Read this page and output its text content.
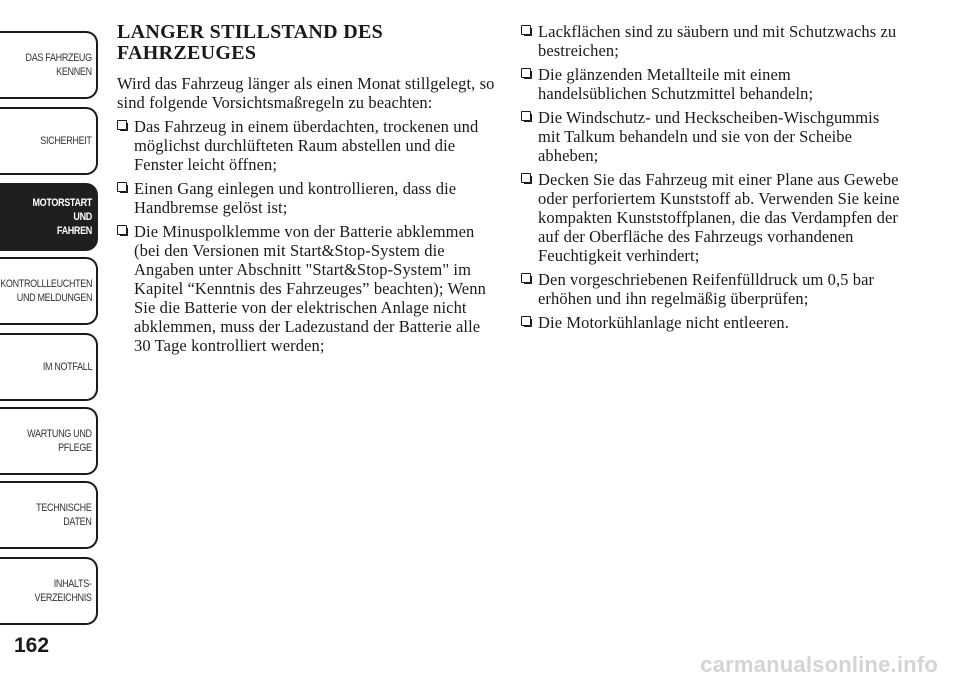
DAS FAHRZEUG
KENNEN
SICHERHEIT
MOTORSTART UND
FAHREN
KONTROLLLEUCHTEN
UND MELDUNGEN
IM NOTFALL
WARTUNG UND
PFLEGE
TECHNISCHE
DATEN
INHALTS-
VERZEICHNIS
162
LANGER STILLSTAND DES
FAHRZEUGES

Wird das Fahrzeug länger als einen Monat stillgelegt, so sind folgende Vorsichtsmaßregeln zu beachten:

Das Fahrzeug in einem überdachten, trockenen und möglichst durchlüfteten Raum abstellen und die Fenster leicht öffnen;
Einen Gang einlegen und kontrollieren, dass die Handbremse gelöst ist;
Die Minuspolklemme von der Batterie abklemmen (bei den Versionen mit Start&Stop-System die Angaben unter Abschnitt "Start&Stop-System" im Kapitel “Kenntnis des Fahrzeuges” beachten); Wenn Sie die Batterie von der elektrischen Anlage nicht abklemmen, muss der Ladezustand der Batterie alle 30 Tage kontrolliert werden;
Lackflächen sind zu säubern und mit Schutzwachs zu bestreichen;
Die glänzenden Metallteile mit einem handelsüblichen Schutzmittel behandeln;
Die Windschutz- und Heckscheiben-Wischgummis mit Talkum behandeln und sie von der Scheibe abheben;
Decken Sie das Fahrzeug mit einer Plane aus Gewebe oder perforiertem Kunststoff ab. Verwenden Sie keine kompakten Kunststoffplanen, die das Verdampfen der auf der Oberfläche des Fahrzeugs vorhandenen Feuchtigkeit verhindert;
Den vorgeschriebenen Reifenfülldruck um 0,5 bar erhöhen und ihn regelmäßig überprüfen;
Die Motorkühlanlage nicht entleeren.
carmanualsonline.info
